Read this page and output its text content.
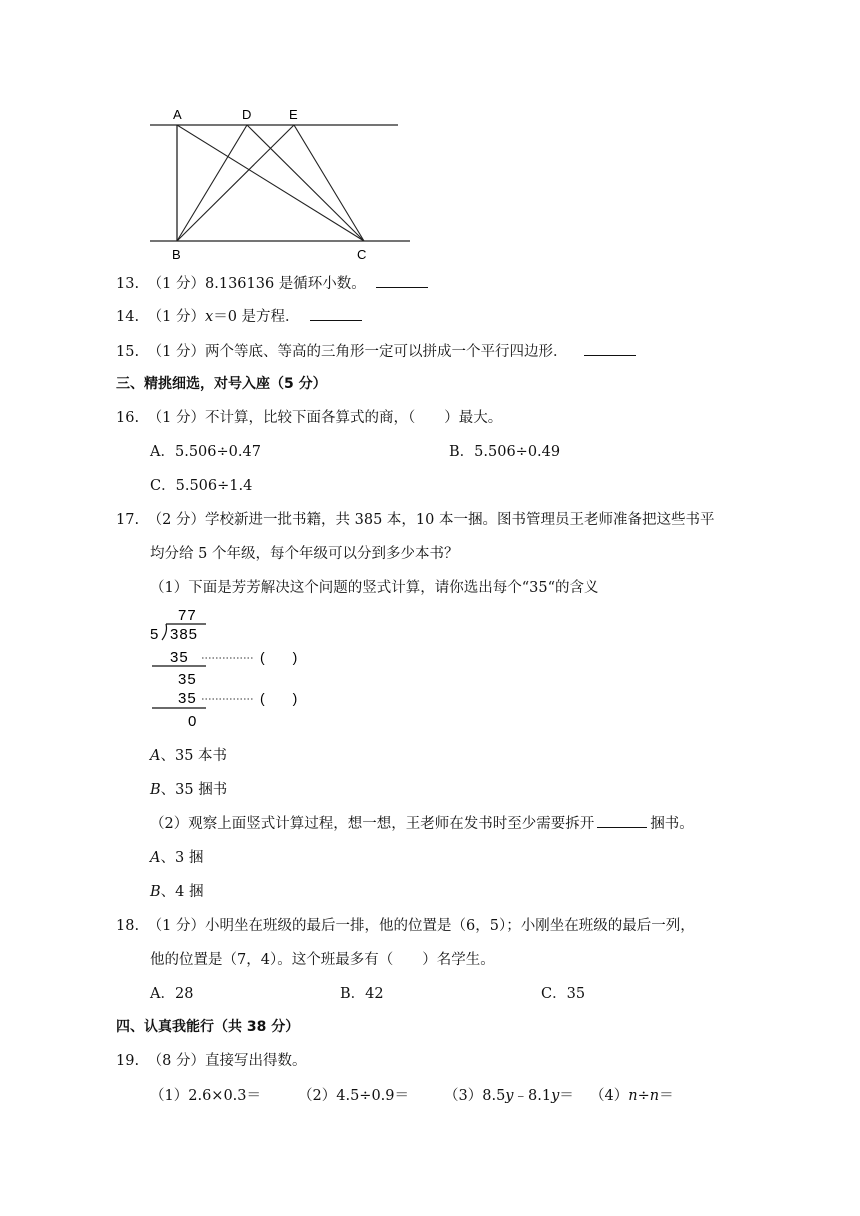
A	D	E
B	C
13. （1 分）8.136136 是循环小数。
14. （1 分）x＝0 是方程．
15. （1 分）两个等底、等高的三角形一定可以拼成一个平行四边形．
三、精挑细选，对号入座（5 分）
16. （1 分）不计算，比较下面各算式的商，（　　）最大。
A．5.506÷0.47	B．5.506÷0.49
C．5.506÷1.4
17. （2 分）学校新进一批书籍，共 385 本，10 本一捆。图书管理员王老师准备把这些书平
均分给 5 个年级，每个年级可以分到多少本书？
（1）下面是芳芳解决这个问题的竖式计算，请你选出每个“35“的含义
77
5 385
35	(　　)
35
35	(　　)
0
A、35 本书
B、35 捆书
（2）观察上面竖式计算过程，想一想，王老师在发书时至少需要拆开	捆书。
A、3 捆
B、4 捆
18. （1 分）小明坐在班级的最后一排，他的位置是（6，5）；小刚坐在班级的最后一列，
他的位置是（7，4）。这个班最多有（　　）名学生。
A．28	B．42	C．35
四、认真我能行（共 38 分）
19. （8 分）直接写出得数。
（1）2.6×0.3＝	（2）4.5÷0.9＝ （3）8.5y﹣8.1y＝ （4）n÷n＝
